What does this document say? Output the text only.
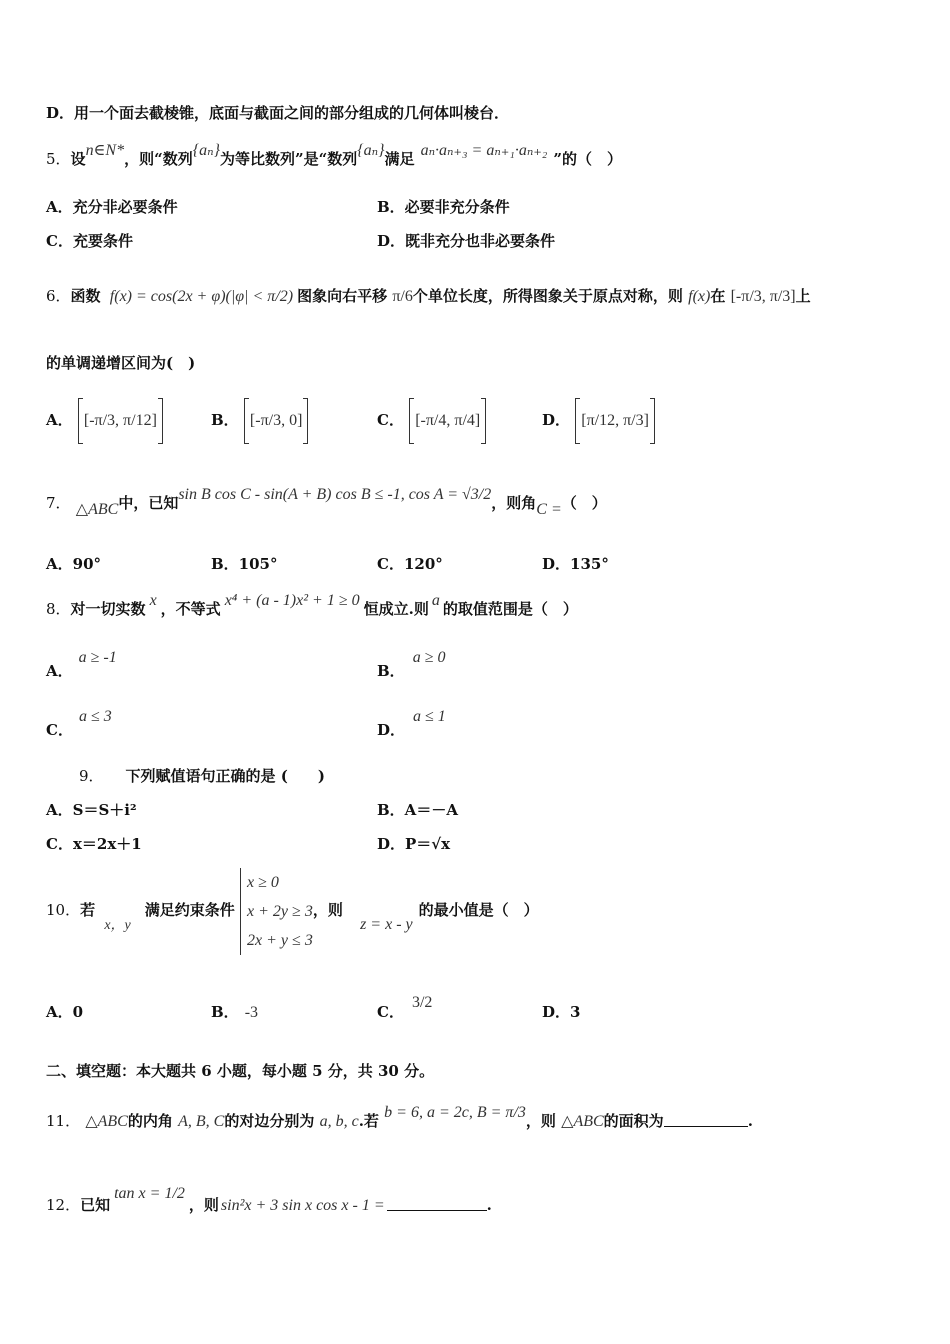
D．用一个面去截棱锥，底面与截面之间的部分组成的几何体叫棱台．
5．设n∈N*，则“数列{aₙ}为等比数列”是“数列{aₙ}满足 aₙ·aₙ₊₃ = aₙ₊₁·aₙ₊₂ ”的（　）
A．充分非必要条件	B．必要非充分条件
C．充要条件	D．既非充分也非必要条件
6．函数 f(x) = cos(2x + φ)(|φ| < π/2) 图象向右平移 π/6个单位长度，所得图象关于原点对称，则 f(x)在 [-π/3, π/3]上
的单调递增区间为(　)
A． [-π/3, π/12]	B． [-π/3, 0]	C． [-π/4, π/4]	D． [π/12, π/3]
7． △ABC中，已知sin B cos C - sin(A + B) cos B ≤ -1, cos A = √3/2，则角C =（　）
A．90°	B．105°	C．120°	D．135°
8．对一切实数 x ，不等式 x⁴ + (a - 1)x² + 1 ≥ 0 恒成立.则 a 的取值范围是（　）
A．a ≥ -1
B．a ≥ 0
C．a ≤ 3
D．a ≤ 1
9． 下列赋值语句正确的是 (　　)
A．S＝S＋i²	B．A＝－A
C．x＝2x＋1	D．P＝√x
10．若 x，y满足约束条件
x ≥ 0
x + 2y ≥ 3
2x + y ≤ 3
，则 z = x - y的最小值是（　）
A．0	B． -3	C．3/2
D．3
二、填空题：本大题共 6 小题，每小题 5 分，共 30 分。
11． △ABC的内角 A, B, C的对边分别为 a, b, c.若 b = 6, a = 2c, B = π/3，则 △ABC的面积为	.
12．已知tan x = 1/2，则 sin²x + 3 sin x cos x - 1 =	.
